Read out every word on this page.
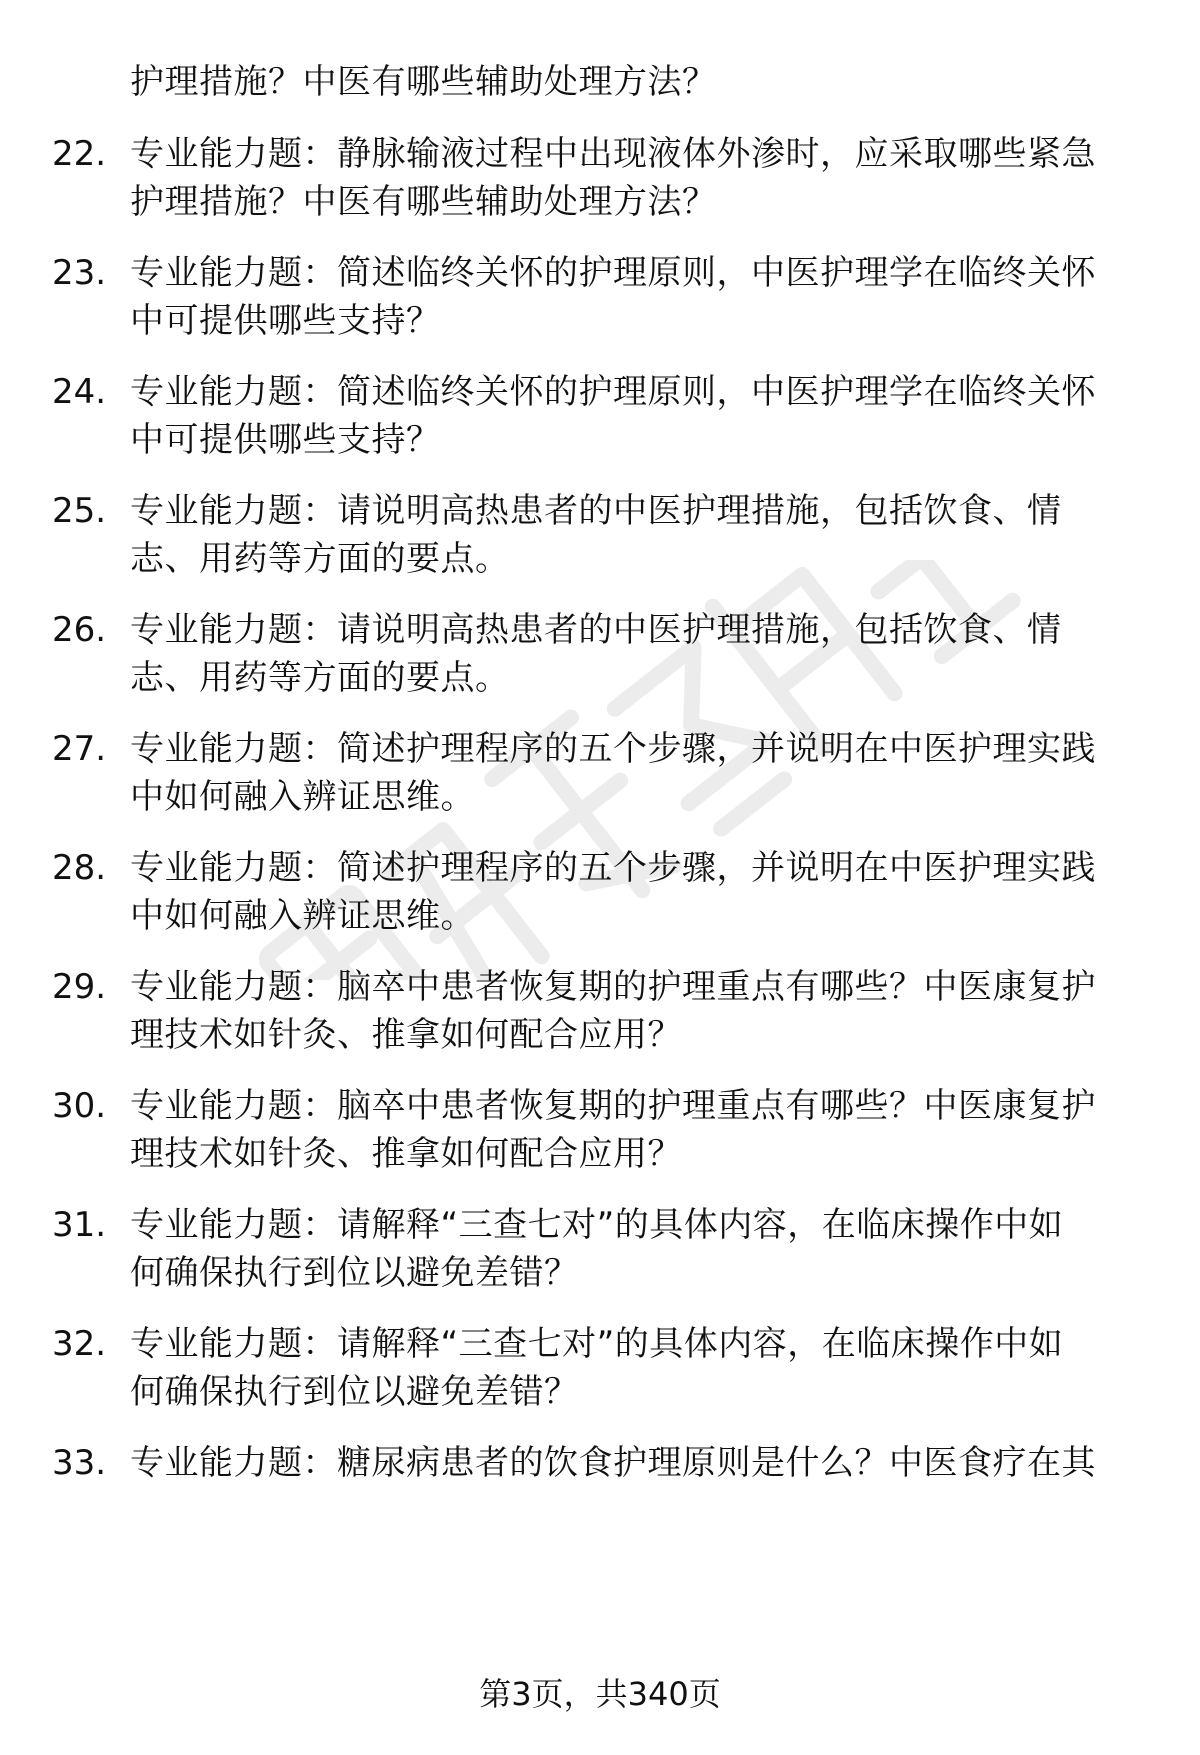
护理措施？中医有哪些辅助处理方法？
22. 专业能力题：静脉输液过程中出现液体外渗时，应采取哪些紧急
护理措施？中医有哪些辅助处理方法？
23. 专业能力题：简述临终关怀的护理原则，中医护理学在临终关怀
中可提供哪些支持？
24. 专业能力题：简述临终关怀的护理原则，中医护理学在临终关怀
中可提供哪些支持？
25. 专业能力题：请说明高热患者的中医护理措施，包括饮食、情
志、用药等方面的要点。
26. 专业能力题：请说明高热患者的中医护理措施，包括饮食、情
志、用药等方面的要点。
27. 专业能力题：简述护理程序的五个步骤，并说明在中医护理实践
中如何融入辨证思维。
28. 专业能力题：简述护理程序的五个步骤，并说明在中医护理实践
中如何融入辨证思维。
29. 专业能力题：脑卒中患者恢复期的护理重点有哪些？中医康复护
理技术如针灸、推拿如何配合应用？
30. 专业能力题：脑卒中患者恢复期的护理重点有哪些？中医康复护
理技术如针灸、推拿如何配合应用？
31. 专业能力题：请解释“三查七对”的具体内容，在临床操作中如
何确保执行到位以避免差错？
32. 专业能力题：请解释“三查七对”的具体内容，在临床操作中如
何确保执行到位以避免差错？
33. 专业能力题：糖尿病患者的饮食护理原则是什么？中医食疗在其
第3页，共340页
